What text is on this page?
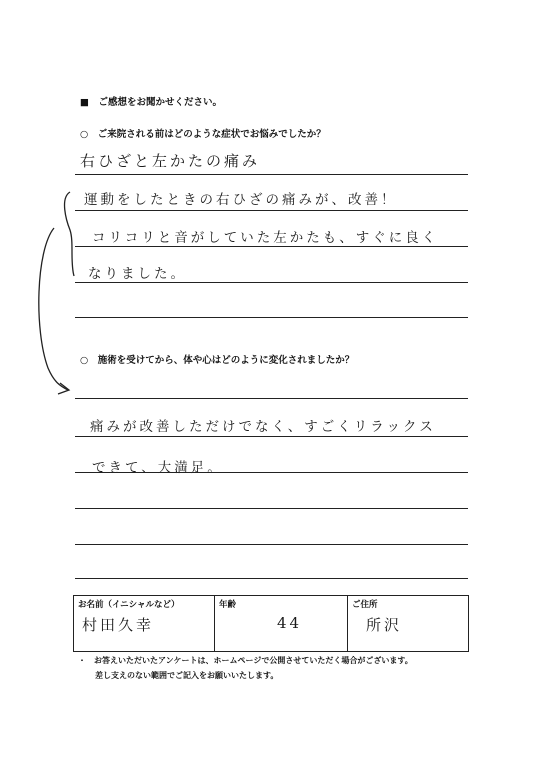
■　ご感想をお聞かせください。
○　ご来院される前はどのような症状でお悩みでしたか？
右ひざと左かたの痛み
運動をしたときの右ひざの痛みが、改善！
コリコリと音がしていた左かたも、すぐに良く
なりました。
○　施術を受けてから、体や心はどのように変化されましたか？
痛みが改善しただけでなく、すごくリラックス
できて、大満足。
お名前（イニシャルなど）
村田久幸

年齢
44

ご住所
所沢
・　お答えいただいたアンケートは、ホームページで公開させていただく場合がございます。
差し支えのない範囲でご記入をお願いいたします。
